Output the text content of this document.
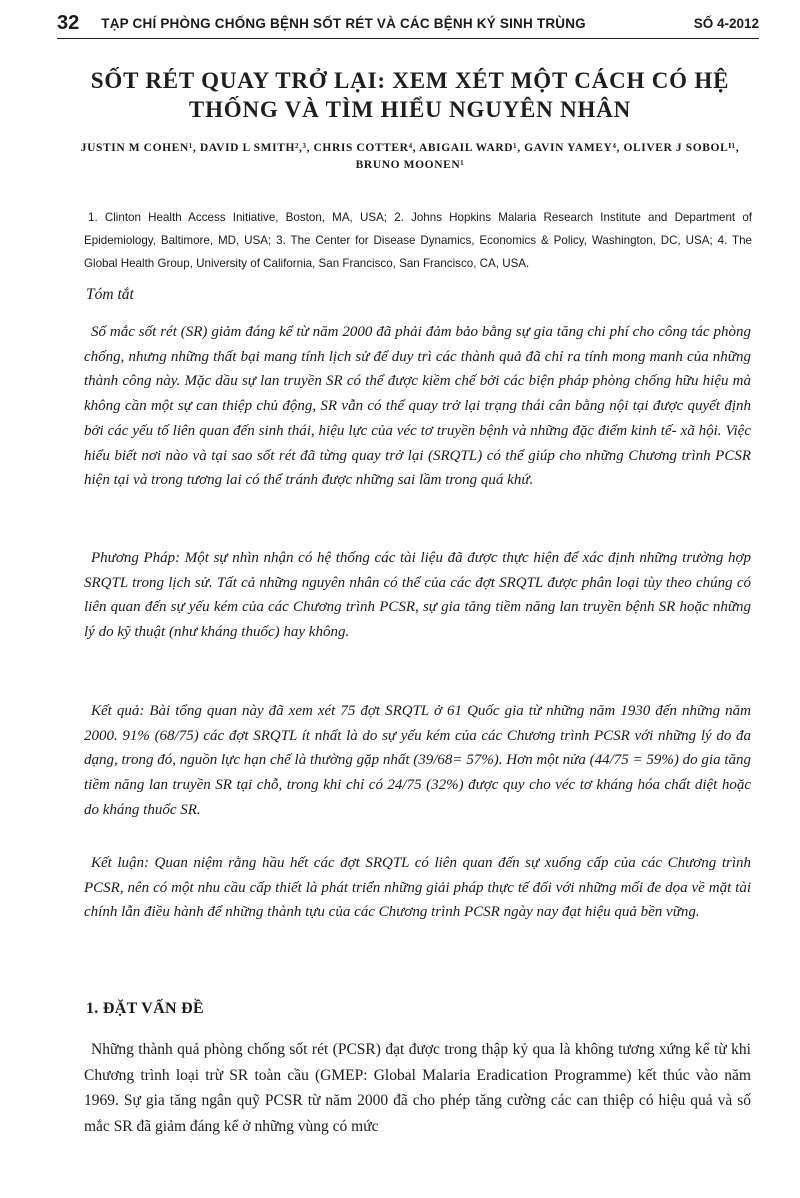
32 TẠP CHÍ PHÒNG CHỐNG BỆNH SỐT RÉT VÀ CÁC BỆNH KÝ SINH TRÙNG	SỐ 4-2012
SỐT RÉT QUAY TRỞ LẠI: XEM XÉT MỘT CÁCH CÓ HỆ THỐNG VÀ TÌM HIỂU NGUYÊN NHÂN
JUSTIN M COHEN¹, DAVID L SMITH²,³, CHRIS COTTER⁴, ABIGAIL WARD¹, GAVIN YAMEY⁴, OLIVER J SOBOLᴵ¹, BRUNO MOONEN¹
1. Clinton Health Access Initiative, Boston, MA, USA; 2. Johns Hopkins Malaria Research Institute and Department of Epidemiology, Baltimore, MD, USA; 3. The Center for Disease Dynamics, Economics & Policy, Washington, DC, USA; 4. The Global Health Group, University of California, San Francisco, San Francisco, CA, USA.
Tóm tắt

Số mắc sốt rét (SR) giảm đáng kể từ năm 2000 đã phải đảm bảo bằng sự gia tăng chi phí cho công tác phòng chống, nhưng những thất bại mang tính lịch sử để duy trì các thành quả đã chỉ ra tính mong manh của những thành công này. Mặc dầu sự lan truyền SR có thể được kiềm chế bởi các biện pháp phòng chống hữu hiệu mà không cần một sự can thiệp chủ động, SR vẫn có thể quay trở lại trạng thái cân bằng nội tại được quyết định bởi các yếu tố liên quan đến sinh thái, hiệu lực của véc tơ truyền bệnh và những đặc điểm kinh tế- xã hội. Việc hiểu biết nơi nào và tại sao sốt rét đã từng quay trở lại (SRQTL) có thể giúp cho những Chương trình PCSR hiện tại và trong tương lai có thể tránh được những sai lầm trong quá khứ.

Phương Pháp: Một sự nhìn nhận có hệ thống các tài liệu đã được thực hiện để xác định những trường hợp SRQTL trong lịch sử. Tất cả những nguyên nhân có thể của các đợt SRQTL được phân loại tùy theo chúng có liên quan đến sự yếu kém của các Chương trình PCSR, sự gia tăng tiềm năng lan truyền bệnh SR hoặc những lý do kỹ thuật (như kháng thuốc) hay không.

Kết quả: Bài tổng quan này đã xem xét 75 đợt SRQTL ở 61 Quốc gia từ những năm 1930 đến những năm 2000. 91% (68/75) các đợt SRQTL ít nhất là do sự yếu kém của các Chương trình PCSR với những lý do đa dạng, trong đó, nguồn lực hạn chế là thường gặp nhất (39/68= 57%). Hơn một nửa (44/75 = 59%) do gia tăng tiềm năng lan truyền SR tại chỗ, trong khi chỉ có 24/75 (32%) được quy cho véc tơ kháng hóa chất diệt hoặc do kháng thuốc SR.

Kết luận: Quan niệm rằng hầu hết các đợt SRQTL có liên quan đến sự xuống cấp của các Chương trình PCSR, nên có một nhu cầu cấp thiết là phát triển những giải pháp thực tế đối với những mối đe dọa về mặt tài chính lẫn điều hành để những thành tựu của các Chương trình PCSR ngày nay đạt hiệu quả bền vững.

1. ĐẶT VẤN ĐỀ

Những thành quả phòng chống sốt rét (PCSR) đạt được trong thập kỷ qua là không tương xứng kể từ khi Chương trình loại trừ SR toàn cầu (GMEP: Global Malaria Eradication Programme) kết thúc vào năm 1969. Sự gia tăng ngân quỹ PCSR từ năm 2000 đã cho phép tăng cường các can thiệp có hiệu quả và số mắc SR đã giảm đáng kể ở những vùng có mức
